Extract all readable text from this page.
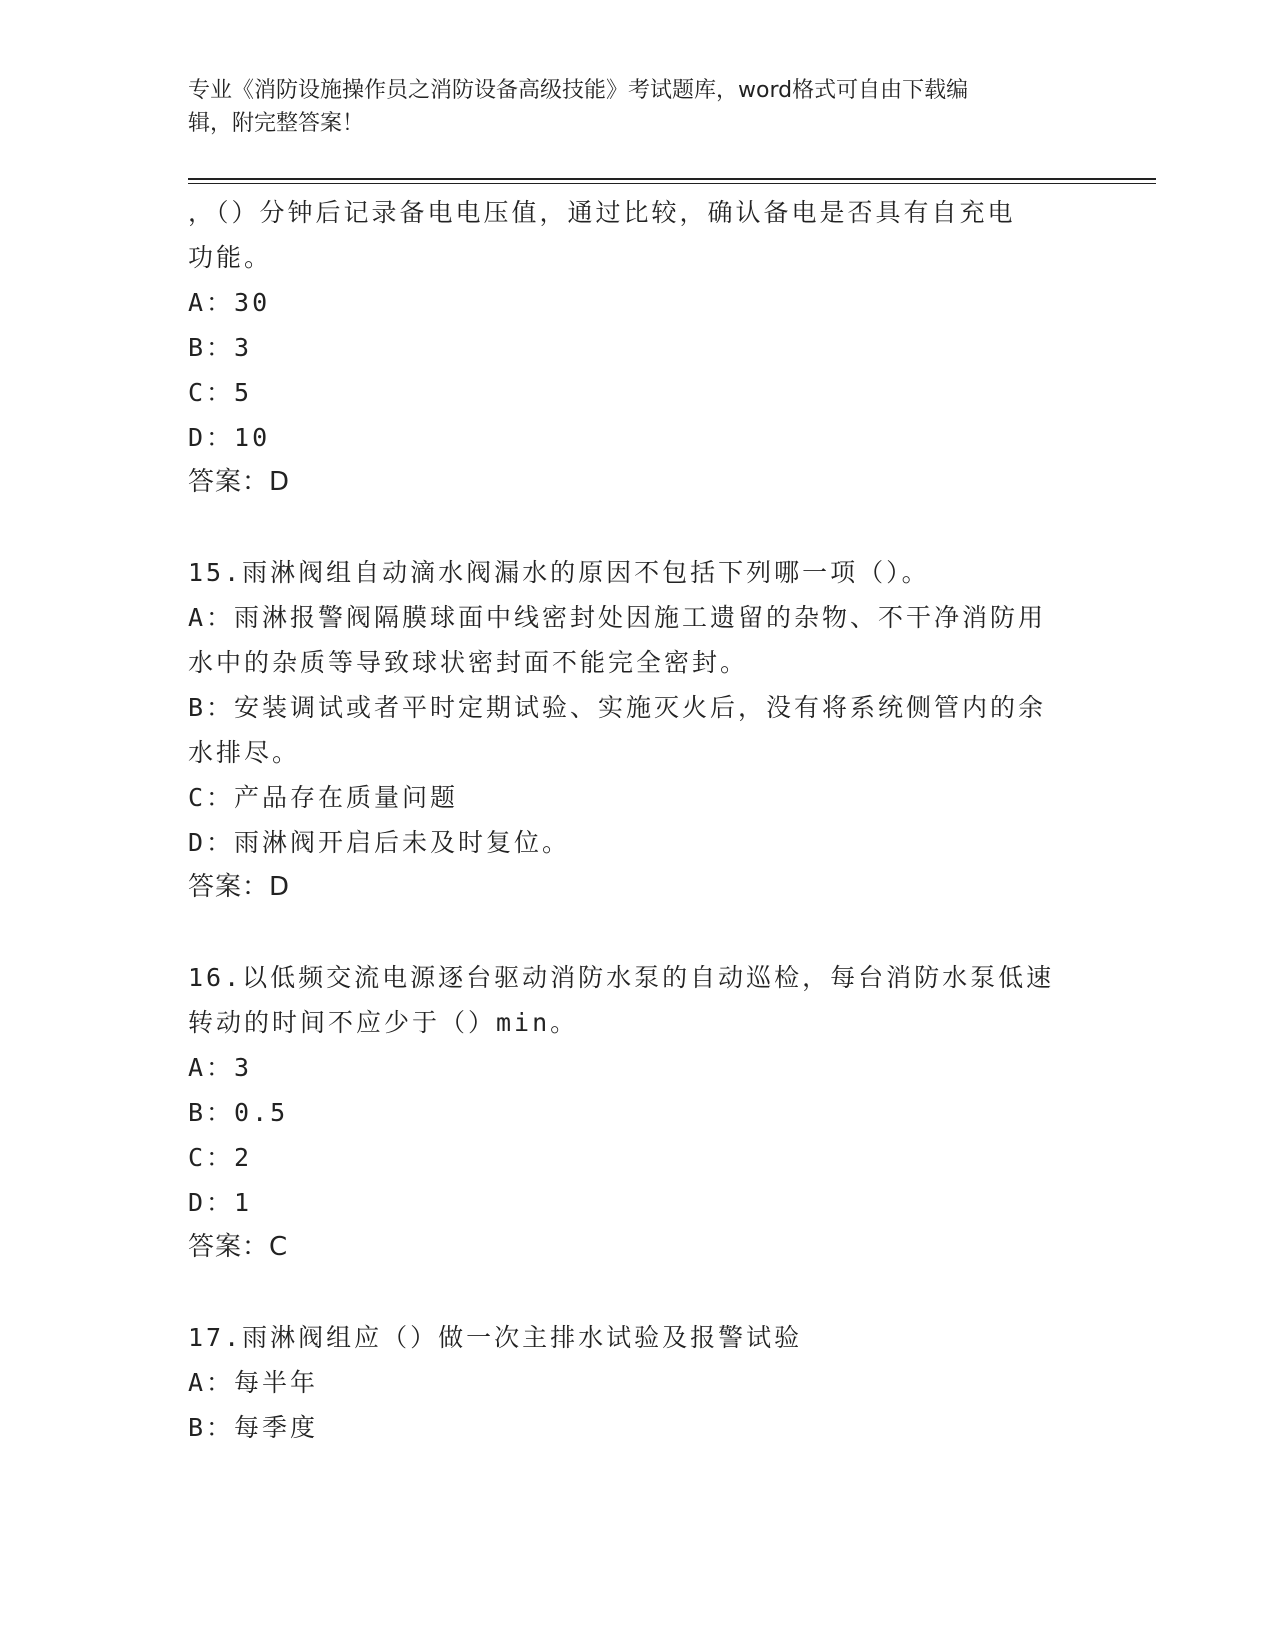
专业《消防设施操作员之消防设备高级技能》考试题库，word格式可自由下载编
辑，附完整答案！
，（）分钟后记录备电电压值，通过比较，确认备电是否具有自充电
功能。
A：30
B：3
C：5
D：10
答案：D
15.雨淋阀组自动滴水阀漏水的原因不包括下列哪一项（）。
A：雨淋报警阀隔膜球面中线密封处因施工遗留的杂物、不干净消防用
水中的杂质等导致球状密封面不能完全密封。
B：安装调试或者平时定期试验、实施灭火后，没有将系统侧管内的余
水排尽。
C：产品存在质量问题
D：雨淋阀开启后未及时复位。
答案：D
16.以低频交流电源逐台驱动消防水泵的自动巡检，每台消防水泵低速
转动的时间不应少于（）min。
A：3
B：0.5
C：2
D：1
答案：C
17.雨淋阀组应（）做一次主排水试验及报警试验
A：每半年
B：每季度
